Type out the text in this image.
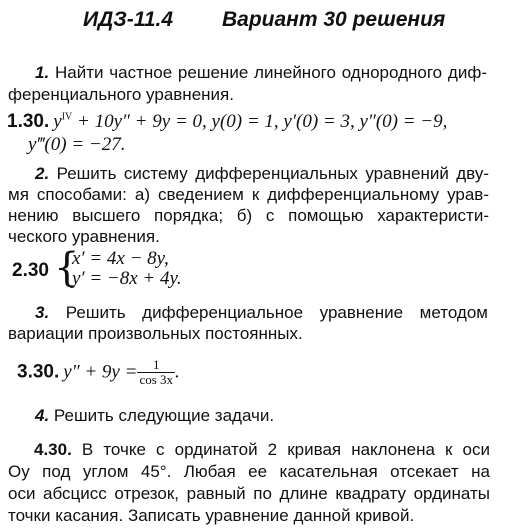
ИДЗ-11.4 Вариант 30 решения
1. Найти частное решение линейного однородного диф-
ференциального уравнения.
1.30. $y^{IV} + 10y'' + 9y = 0$, y(0) = 1, y′(0) = 3, y″(0) = −9,
y‴(0) = −27.
2. Решить систему дифференциальных уравнений дву-
мя способами: а) сведением к дифференциальному урав-
нению высшего порядка; б) с помощью характеристи-
ческого уравнения.
2.30 {
x′ = 4x − 8y,
y′ = −8x + 4y.
3. Решить дифференциальное уравнение методом
вариации произвольных постоянных.
3.30. $y'' + 9y = \frac{1}{\cos 3x}$ .
4. Решить следующие задачи.
4.30. В точке с ординатой 2 кривая наклонена к оси
Oy под углом 45°. Любая ее касательная отсекает на
оси абсцисс отрезок, равный по длине квадрату ординаты
точки касания. Записать уравнение данной кривой.
